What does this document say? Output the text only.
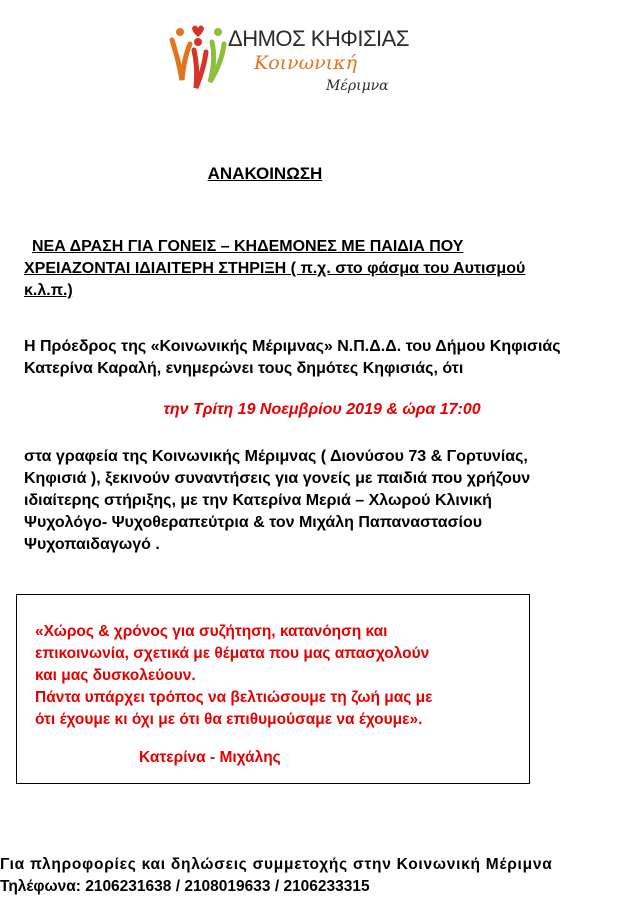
ΔΗΜΟΣ ΚΗΦΙΣΙΑΣ
Κοινωνική
Μέριμνα
ΑΝΑΚΟΙΝΩΣΗ
ΝΕΑ ΔΡΑΣΗ ΓΙΑ ΓΟΝΕΙΣ – ΚΗΔΕΜΟΝΕΣ ΜΕ ΠΑΙΔΙΑ ΠΟΥ
ΧΡΕΙΑΖΟΝΤΑΙ ΙΔΙΑΙΤΕΡΗ ΣΤΗΡΙΞΗ ( π.χ. στο φάσμα του Αυτισμού
κ.λ.π.)
Η Πρόεδρος της «Κοινωνικής Μέριμνας» Ν.Π.Δ.Δ. του Δήμου Κηφισιάς
Κατερίνα Καραλή, ενημερώνει τους δημότες Κηφισιάς, ότι
την Τρίτη 19 Νοεμβρίου 2019 & ώρα 17:00
στα γραφεία της Κοινωνικής Μέριμνας ( Διονύσου 73 & Γορτυνίας,
Κηφισιά ), ξεκινούν συναντήσεις για γονείς με παιδιά που χρήζουν
ιδιαίτερης στήριξης, με την Κατερίνα Μεριά – Χλωρού Κλινική
Ψυχολόγο- Ψυχοθεραπεύτρια & τον Μιχάλη Παπαναστασίου
Ψυχοπαιδαγωγό .
«Χώρος & χρόνος για συζήτηση, κατανόηση και
επικοινωνία, σχετικά με θέματα που μας απασχολούν
και μας δυσκολεύουν.
Πάντα υπάρχει τρόπος να βελτιώσουμε τη ζωή μας με
ότι έχουμε κι όχι με ότι θα επιθυμούσαμε να έχουμε».
Κατερίνα - Μιχάλης
Για πληροφορίες και δηλώσεις συμμετοχής στην Κοινωνική Μέριμνα
Τηλέφωνα: 2106231638 / 2108019633 / 2106233315
